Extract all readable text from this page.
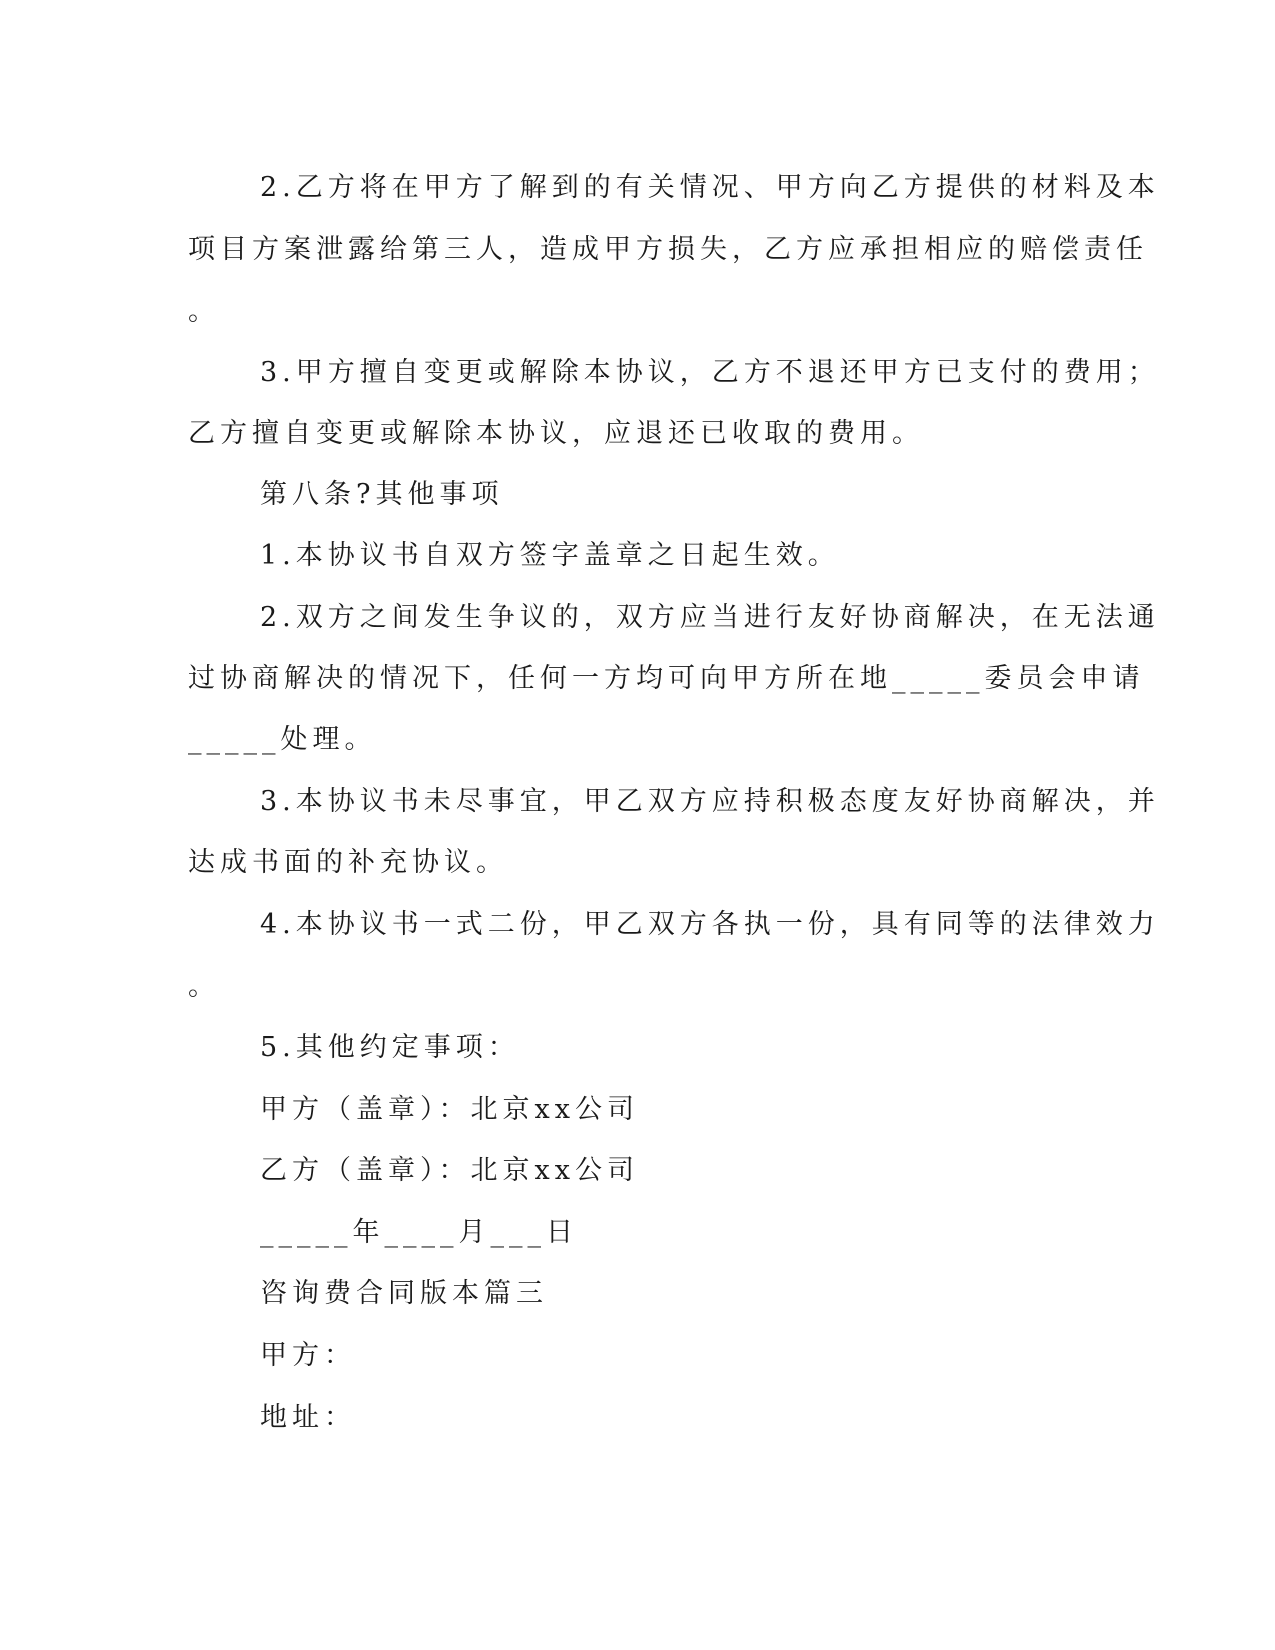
2.乙方将在甲方了解到的有关情况、甲方向乙方提供的材料及本
项目方案泄露给第三人，造成甲方损失，乙方应承担相应的赔偿责任
。
3.甲方擅自变更或解除本协议，乙方不退还甲方已支付的费用；
乙方擅自变更或解除本协议，应退还已收取的费用。
第八条?其他事项
1.本协议书自双方签字盖章之日起生效。
2.双方之间发生争议的，双方应当进行友好协商解决，在无法通
过协商解决的情况下，任何一方均可向甲方所在地_____委员会申请
_____处理。
3.本协议书未尽事宜，甲乙双方应持积极态度友好协商解决，并
达成书面的补充协议。
4.本协议书一式二份，甲乙双方各执一份，具有同等的法律效力
。
5.其他约定事项：
甲方（盖章）：北京xx公司
乙方（盖章）：北京xx公司
_____年____月___日
咨询费合同版本篇三
甲方：
地址：
